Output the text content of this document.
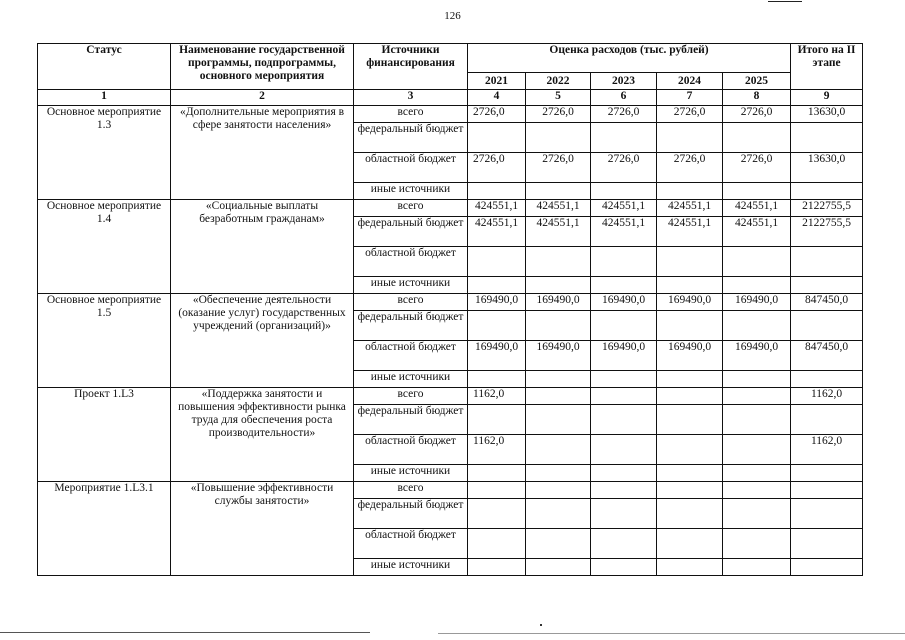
126
Статус	Наименование государственной программы, подпрограммы, основного мероприятия	Источники финансирования	Оценка расходов (тыс. рублей)					Итого на II этапе
			2021	2022	2023	2024	2025	
1	2	3	4	5	6	7	8	9
Основное мероприятие 1.3	«Дополнительные мероприятия в сфере занятости населения»	всего	2726,0	2726,0	2726,0	2726,0	2726,0	13630,0
		федеральный бюджет						
		областной бюджет	2726,0	2726,0	2726,0	2726,0	2726,0	13630,0
		иные источники						
Основное мероприятие 1.4	«Социальные выплаты безработным гражданам»	всего	424551,1	424551,1	424551,1	424551,1	424551,1	2122755,5
		федеральный бюджет	424551,1	424551,1	424551,1	424551,1	424551,1	2122755,5
		областной бюджет						
		иные источники						
Основное мероприятие 1.5	«Обеспечение деятельности (оказание услуг) государственных учреждений (организаций)»	всего	169490,0	169490,0	169490,0	169490,0	169490,0	847450,0
		федеральный бюджет						
		областной бюджет	169490,0	169490,0	169490,0	169490,0	169490,0	847450,0
		иные источники						
Проект 1.L3	«Поддержка занятости и повышения эффективности рынка труда для обеспечения роста производительности»	всего	1162,0					1162,0
		федеральный бюджет						
		областной бюджет	1162,0					1162,0
		иные источники						
Мероприятие 1.L3.1	«Повышение эффективности службы занятости»	всего						
		федеральный бюджет						
		областной бюджет						
		иные источники						
